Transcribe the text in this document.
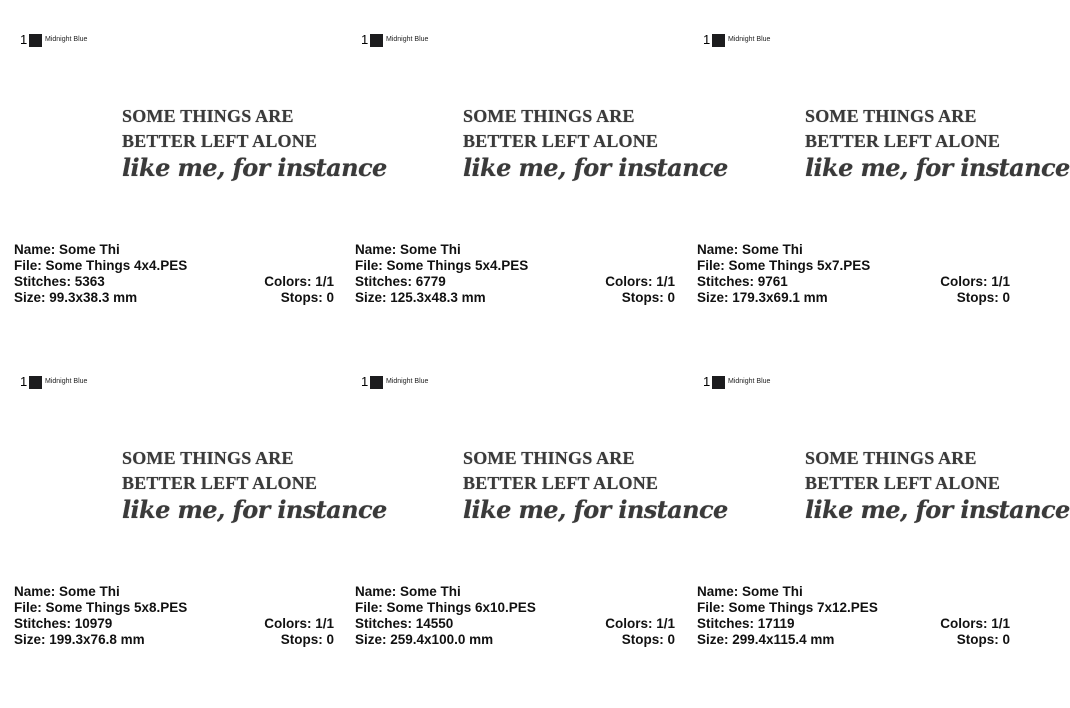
1	Midnight Blue
SOME THINGS ARE
BETTER LEFT ALONE
like me, for instance
Name: Some Thi
File: Some Things 4x4.PES
Stitches: 5363	Colors: 1/1
Size: 99.3x38.3 mm	Stops: 0
1	Midnight Blue
SOME THINGS ARE
BETTER LEFT ALONE
like me, for instance
Name: Some Thi
File: Some Things 5x4.PES
Stitches: 6779	Colors: 1/1
Size: 125.3x48.3 mm	Stops: 0
1	Midnight Blue
SOME THINGS ARE
BETTER LEFT ALONE
like me, for instance
Name: Some Thi
File: Some Things 5x7.PES
Stitches: 9761	Colors: 1/1
Size: 179.3x69.1 mm	Stops: 0
1	Midnight Blue
SOME THINGS ARE
BETTER LEFT ALONE
like me, for instance
Name: Some Thi
File: Some Things 5x8.PES
Stitches: 10979	Colors: 1/1
Size: 199.3x76.8 mm	Stops: 0
1	Midnight Blue
SOME THINGS ARE
BETTER LEFT ALONE
like me, for instance
Name: Some Thi
File: Some Things 6x10.PES
Stitches: 14550	Colors: 1/1
Size: 259.4x100.0 mm	Stops: 0
1	Midnight Blue
SOME THINGS ARE
BETTER LEFT ALONE
like me, for instance
Name: Some Thi
File: Some Things 7x12.PES
Stitches: 17119	Colors: 1/1
Size: 299.4x115.4 mm	Stops: 0
